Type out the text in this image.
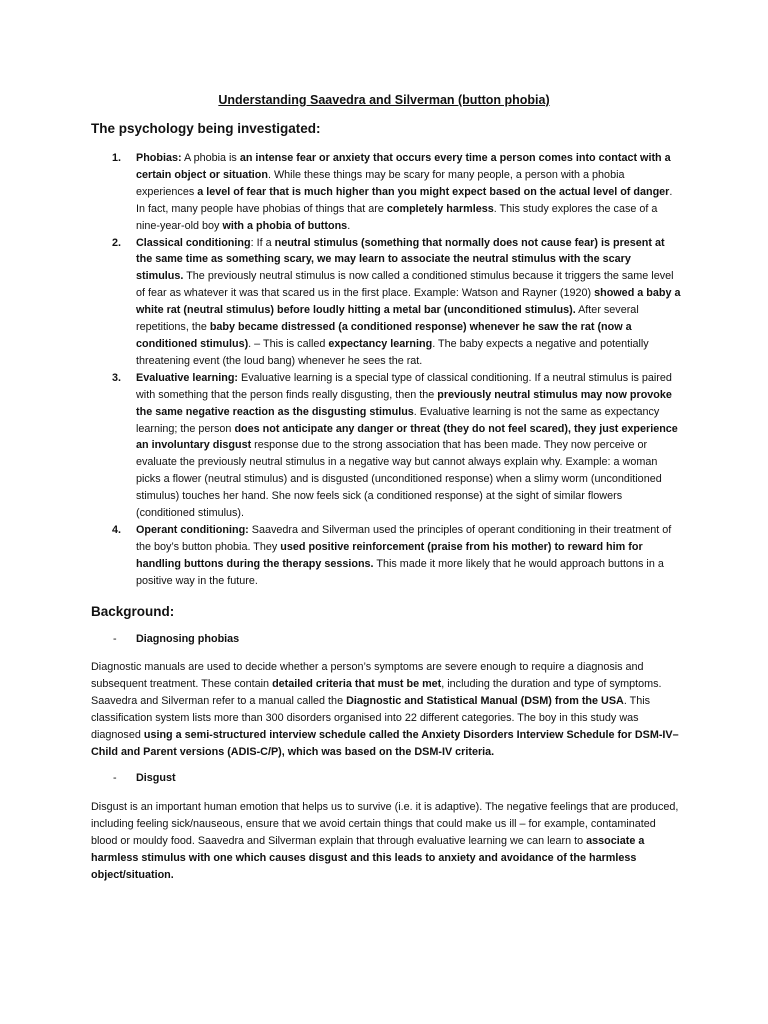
Understanding Saavedra and Silverman (button phobia)
The psychology being investigated:
1. Phobias: A phobia is an intense fear or anxiety that occurs every time a person comes into contact with a certain object or situation. While these things may be scary for many people, a person with a phobia experiences a level of fear that is much higher than you might expect based on the actual level of danger. In fact, many people have phobias of things that are completely harmless. This study explores the case of a nine-year-old boy with a phobia of buttons.
2. Classical conditioning: If a neutral stimulus (something that normally does not cause fear) is present at the same time as something scary, we may learn to associate the neutral stimulus with the scary stimulus. The previously neutral stimulus is now called a conditioned stimulus because it triggers the same level of fear as whatever it was that scared us in the first place. Example: Watson and Rayner (1920) showed a baby a white rat (neutral stimulus) before loudly hitting a metal bar (unconditioned stimulus). After several repetitions, the baby became distressed (a conditioned response) whenever he saw the rat (now a conditioned stimulus). – This is called expectancy learning. The baby expects a negative and potentially threatening event (the loud bang) whenever he sees the rat.
3. Evaluative learning: Evaluative learning is a special type of classical conditioning. If a neutral stimulus is paired with something that the person finds really disgusting, then the previously neutral stimulus may now provoke the same negative reaction as the disgusting stimulus. Evaluative learning is not the same as expectancy learning; the person does not anticipate any danger or threat (they do not feel scared), they just experience an involuntary disgust response due to the strong association that has been made. They now perceive or evaluate the previously neutral stimulus in a negative way but cannot always explain why. Example: a woman picks a flower (neutral stimulus) and is disgusted (unconditioned response) when a slimy worm (unconditioned stimulus) touches her hand. She now feels sick (a conditioned response) at the sight of similar flowers (conditioned stimulus).
4. Operant conditioning: Saavedra and Silverman used the principles of operant conditioning in their treatment of the boy’s button phobia. They used positive reinforcement (praise from his mother) to reward him for handling buttons during the therapy sessions. This made it more likely that he would approach buttons in a positive way in the future.
Background:
- Diagnosing phobias

Diagnostic manuals are used to decide whether a person’s symptoms are severe enough to require a diagnosis and subsequent treatment. These contain detailed criteria that must be met, including the duration and type of symptoms. Saavedra and Silverman refer to a manual called the Diagnostic and Statistical Manual (DSM) from the USA. This classification system lists more than 300 disorders organised into 22 different categories. The boy in this study was diagnosed using a semi-structured interview schedule called the Anxiety Disorders Interview Schedule for DSM-IV–Child and Parent versions (ADIS-C/P), which was based on the DSM-IV criteria.

- Disgust

Disgust is an important human emotion that helps us to survive (i.e. it is adaptive). The negative feelings that are produced, including feeling sick/nauseous, ensure that we avoid certain things that could make us ill – for example, contaminated blood or mouldy food. Saavedra and Silverman explain that through evaluative learning we can learn to associate a harmless stimulus with one which causes disgust and this leads to anxiety and avoidance of the harmless object/situation.
